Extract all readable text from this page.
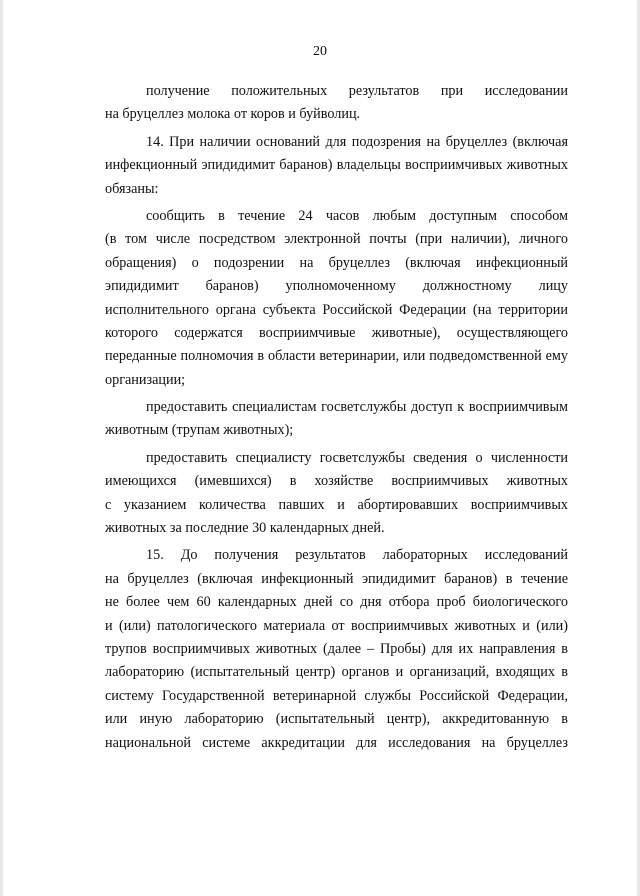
20
получение положительных результатов при исследовании
на бруцеллез молока от коров и буйволиц.
14. При наличии оснований для подозрения на бруцеллез (включая
инфекционный эпидидимит баранов) владельцы восприимчивых животных
обязаны:
сообщить в течение 24 часов любым доступным способом
(в том числе посредством электронной почты (при наличии), личного
обращения) о подозрении на бруцеллез (включая инфекционный
эпидидимит баранов) уполномоченному должностному лицу
исполнительного органа субъекта Российской Федерации (на территории
которого содержатся восприимчивые животные), осуществляющего
переданные полномочия в области ветеринарии, или подведомственной ему
организации;
предоставить специалистам госветслужбы доступ к восприимчивым
животным (трупам животных);
предоставить специалисту госветслужбы сведения о численности
имеющихся (имевшихся) в хозяйстве восприимчивых животных
с указанием количества павших и абортировавших восприимчивых
животных за последние 30 календарных дней.
15. До получения результатов лабораторных исследований
на бруцеллез (включая инфекционный эпидидимит баранов) в течение
не более чем 60 календарных дней со дня отбора проб биологического
и (или) патологического материала от восприимчивых животных и (или)
трупов восприимчивых животных (далее – Пробы) для их направления в
лабораторию (испытательный центр) органов и организаций, входящих в
систему Государственной ветеринарной службы Российской Федерации,
или иную лабораторию (испытательный центр), аккредитованную в
национальной системе аккредитации для исследования на бруцеллез
